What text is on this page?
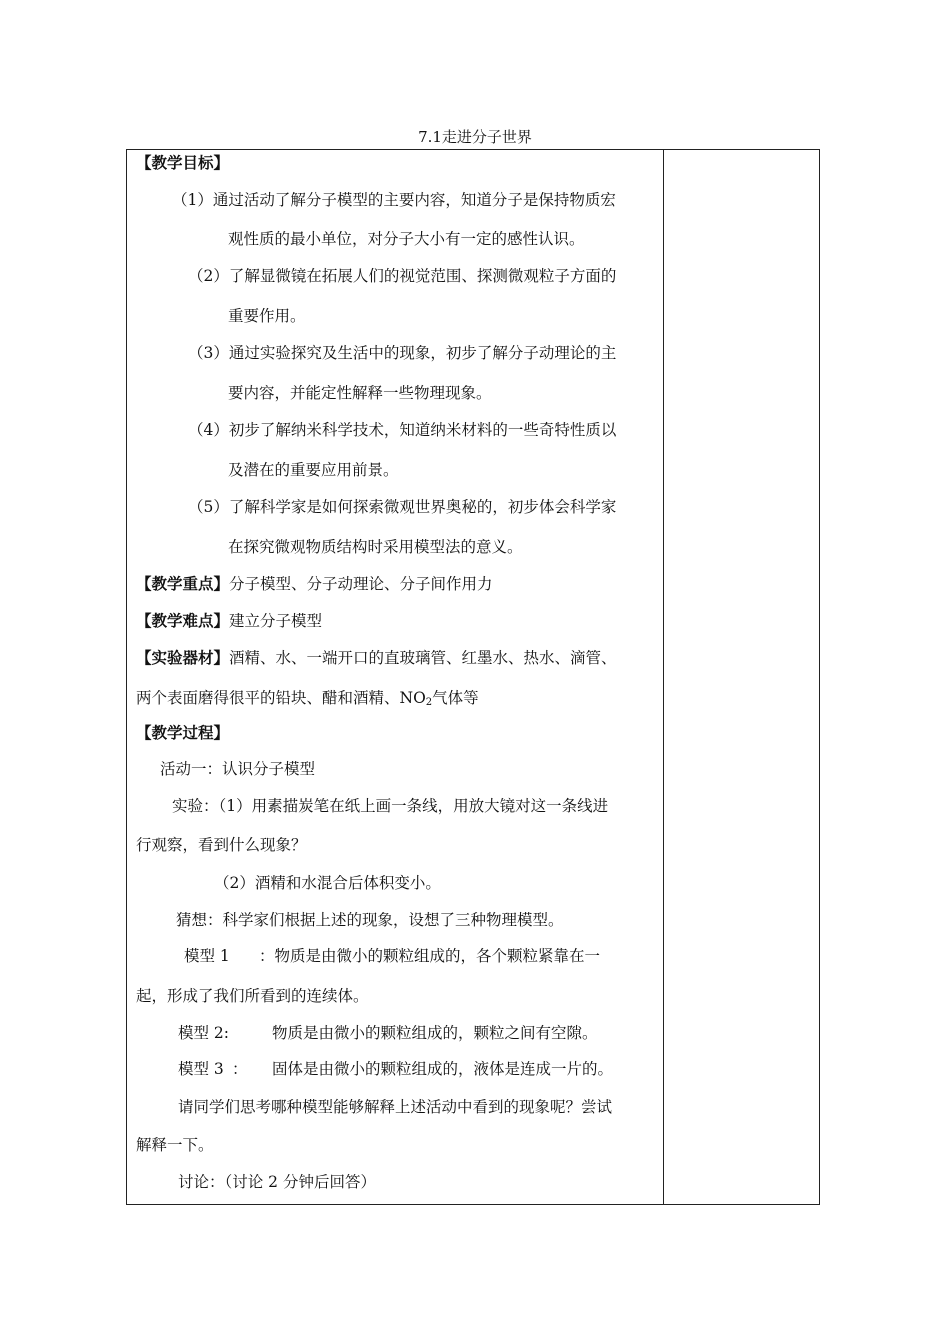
7.1走进分子世界
【教学目标】
（1）通过活动了解分子模型的主要内容，知道分子是保持物质宏
观性质的最小单位，对分子大小有一定的感性认识。
（2）了解显微镜在拓展人们的视觉范围、探测微观粒子方面的
重要作用。
（3）通过实验探究及生活中的现象，初步了解分子动理论的主
要内容，并能定性解释一些物理现象。
（4）初步了解纳米科学技术，知道纳米材料的一些奇特性质以
及潜在的重要应用前景。
（5）了解科学家是如何探索微观世界奥秘的，初步体会科学家
在探究微观物质结构时采用模型法的意义。
【教学重点】分子模型、分子动理论、分子间作用力
【教学难点】建立分子模型
【实验器材】酒精、水、一端开口的直玻璃管、红墨水、热水、滴管、
两个表面磨得很平的铅块、醋和酒精、$NO_2$气体等
【教学过程】
活动一：认识分子模型
实验：（1）用素描炭笔在纸上画一条线，用放大镜对这一条线进
行观察，看到什么现象？
（2）酒精和水混合后体积变小。
猜想：科学家们根据上述的现象，设想了三种物理模型。
模型 1 ：物质是由微小的颗粒组成的，各个颗粒紧靠在一
起，形成了我们所看到的连续体。
模型 2:	物质是由微小的颗粒组成的，颗粒之间有空隙。
模型 3 ： 固体是由微小的颗粒组成的，液体是连成一片的。
请同学们思考哪种模型能够解释上述活动中看到的现象呢？尝试
解释一下。
讨论：（讨论 2 分钟后回答）
